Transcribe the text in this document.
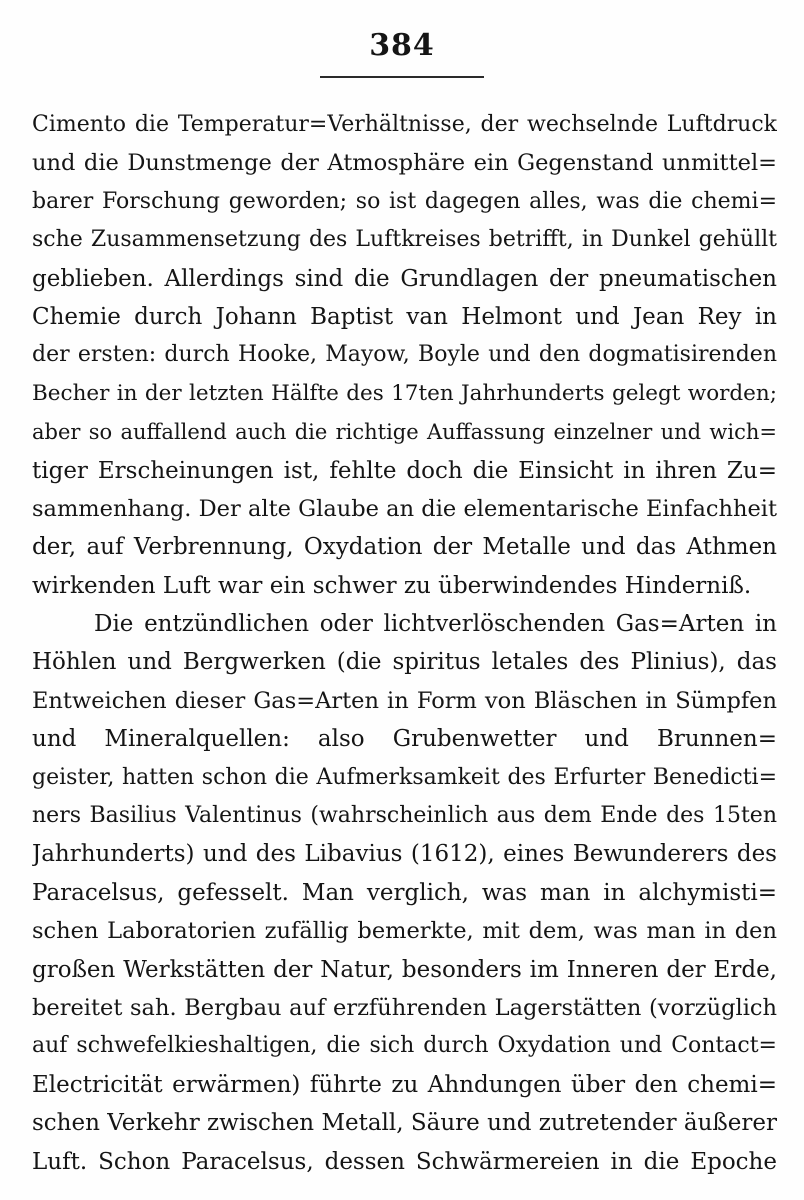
384
Cimento die Temperatur=Verhältnisse, der wechselnde Luftdruck
und die Dunstmenge der Atmosphäre ein Gegenstand unmittel=
barer Forschung geworden; so ist dagegen alles, was die chemi=
sche Zusammensetzung des Luftkreises betrifft, in Dunkel gehüllt
geblieben. Allerdings sind die Grundlagen der pneumatischen
Chemie durch Johann Baptist van Helmont und Jean Rey in
der ersten: durch Hooke, Mayow, Boyle und den dogmatisirenden
Becher in der letzten Hälfte des 17ten Jahrhunderts gelegt worden;
aber so auffallend auch die richtige Auffassung einzelner und wich=
tiger Erscheinungen ist, fehlte doch die Einsicht in ihren Zu=
sammenhang. Der alte Glaube an die elementarische Einfachheit
der, auf Verbrennung, Oxydation der Metalle und das Athmen
wirkenden Luft war ein schwer zu überwindendes Hinderniß.
Die entzündlichen oder lichtverlöschenden Gas=Arten in
Höhlen und Bergwerken (die spiritus letales des Plinius), das
Entweichen dieser Gas=Arten in Form von Bläschen in Sümpfen
und Mineralquellen: also Grubenwetter und Brunnen=
geister, hatten schon die Aufmerksamkeit des Erfurter Benedicti=
ners Basilius Valentinus (wahrscheinlich aus dem Ende des 15ten
Jahrhunderts) und des Libavius (1612), eines Bewunderers des
Paracelsus, gefesselt. Man verglich, was man in alchymisti=
schen Laboratorien zufällig bemerkte, mit dem, was man in den
großen Werkstätten der Natur, besonders im Inneren der Erde,
bereitet sah. Bergbau auf erzführenden Lagerstätten (vorzüglich
auf schwefelkieshaltigen, die sich durch Oxydation und Contact=
Electricität erwärmen) führte zu Ahndungen über den chemi=
schen Verkehr zwischen Metall, Säure und zutretender äußerer
Luft. Schon Paracelsus, dessen Schwärmereien in die Epoche
